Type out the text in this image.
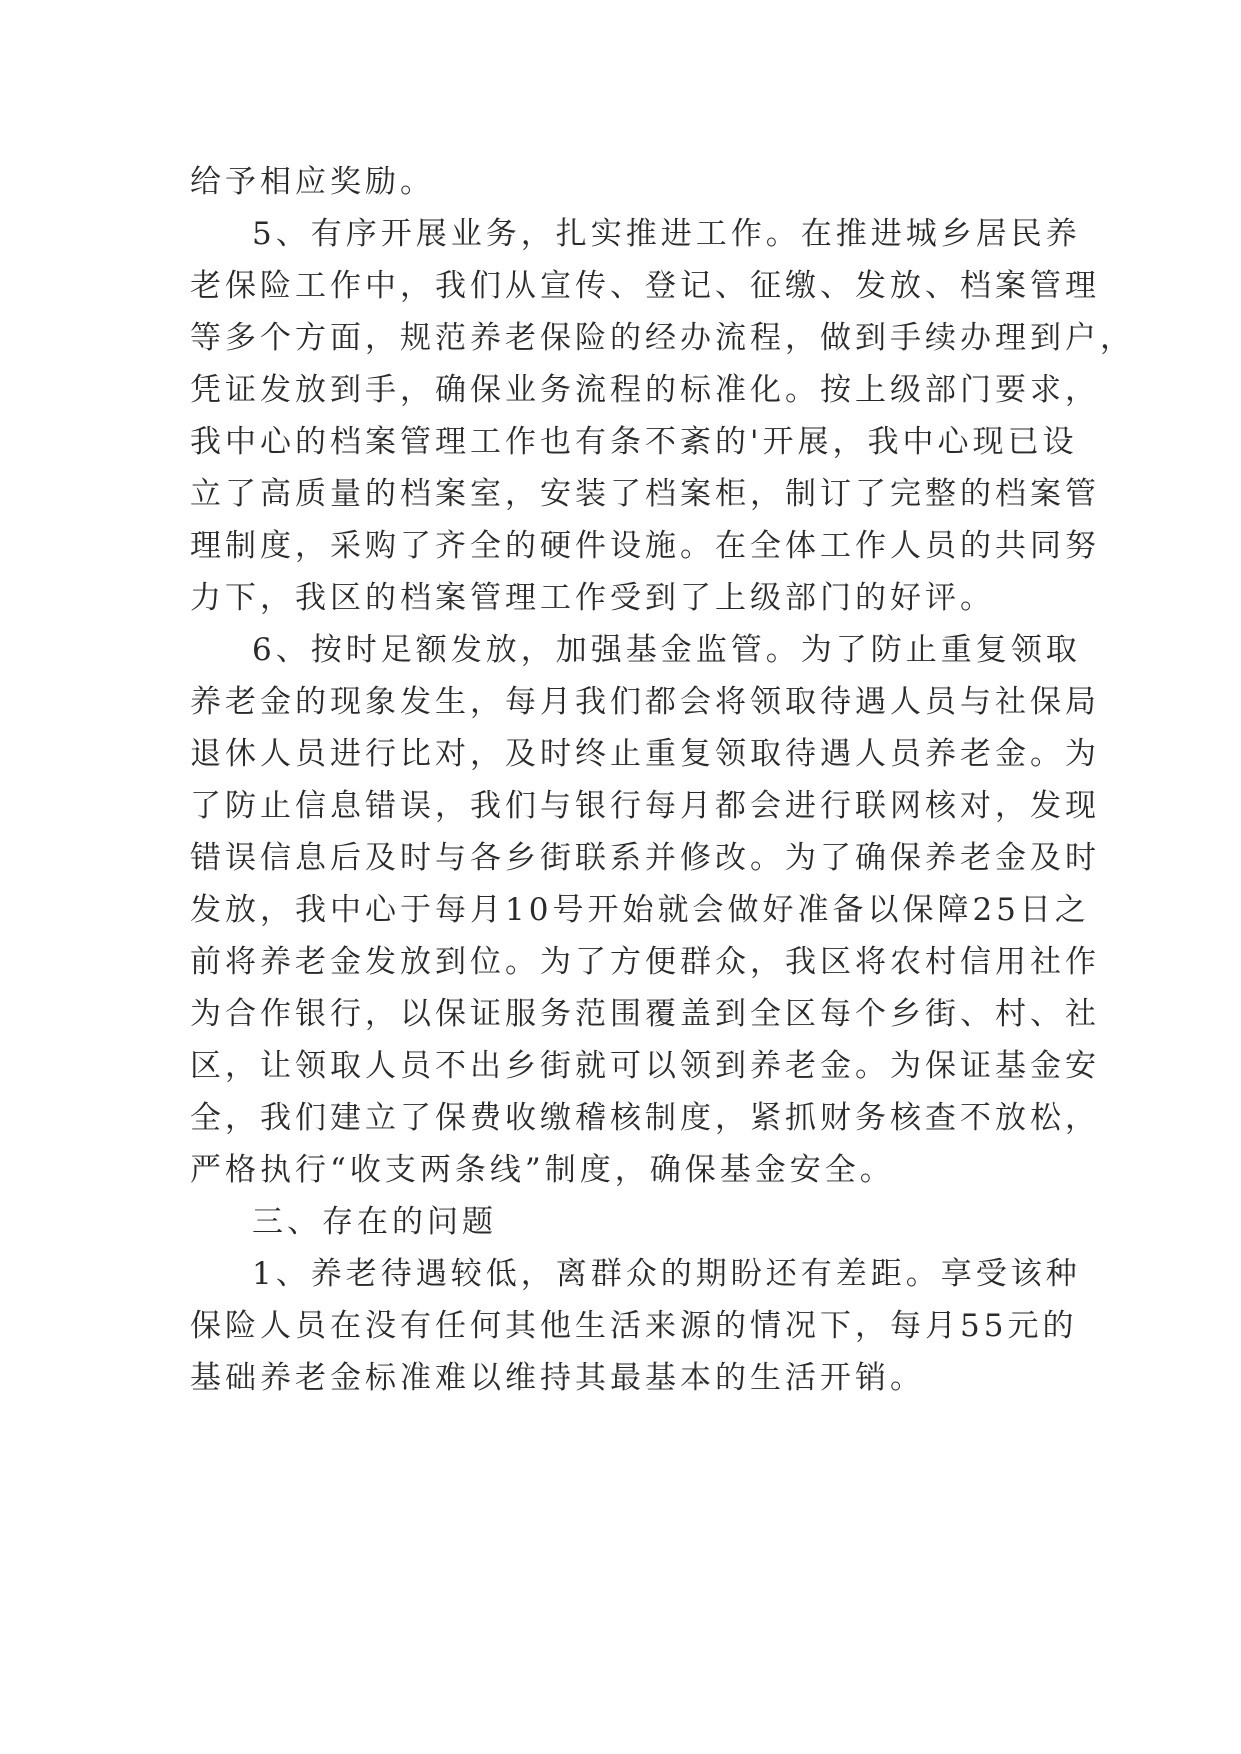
给予相应奖励。
5、有序开展业务，扎实推进工作。在推进城乡居民养
老保险工作中，我们从宣传、登记、征缴、发放、档案管理
等多个方面，规范养老保险的经办流程，做到手续办理到户，
凭证发放到手，确保业务流程的标准化。按上级部门要求，
我中心的档案管理工作也有条不紊的'开展，我中心现已设
立了高质量的档案室，安装了档案柜，制订了完整的档案管
理制度，采购了齐全的硬件设施。在全体工作人员的共同努
力下，我区的档案管理工作受到了上级部门的好评。
6、按时足额发放，加强基金监管。为了防止重复领取
养老金的现象发生，每月我们都会将领取待遇人员与社保局
退休人员进行比对，及时终止重复领取待遇人员养老金。为
了防止信息错误，我们与银行每月都会进行联网核对，发现
错误信息后及时与各乡街联系并修改。为了确保养老金及时
发放，我中心于每月10号开始就会做好准备以保障25日之
前将养老金发放到位。为了方便群众，我区将农村信用社作
为合作银行，以保证服务范围覆盖到全区每个乡街、村、社
区，让领取人员不出乡街就可以领到养老金。为保证基金安
全，我们建立了保费收缴稽核制度，紧抓财务核查不放松，
严格执行“收支两条线”制度，确保基金安全。
三、存在的问题
1、养老待遇较低，离群众的期盼还有差距。享受该种
保险人员在没有任何其他生活来源的情况下，每月55元的
基础养老金标准难以维持其最基本的生活开销。
